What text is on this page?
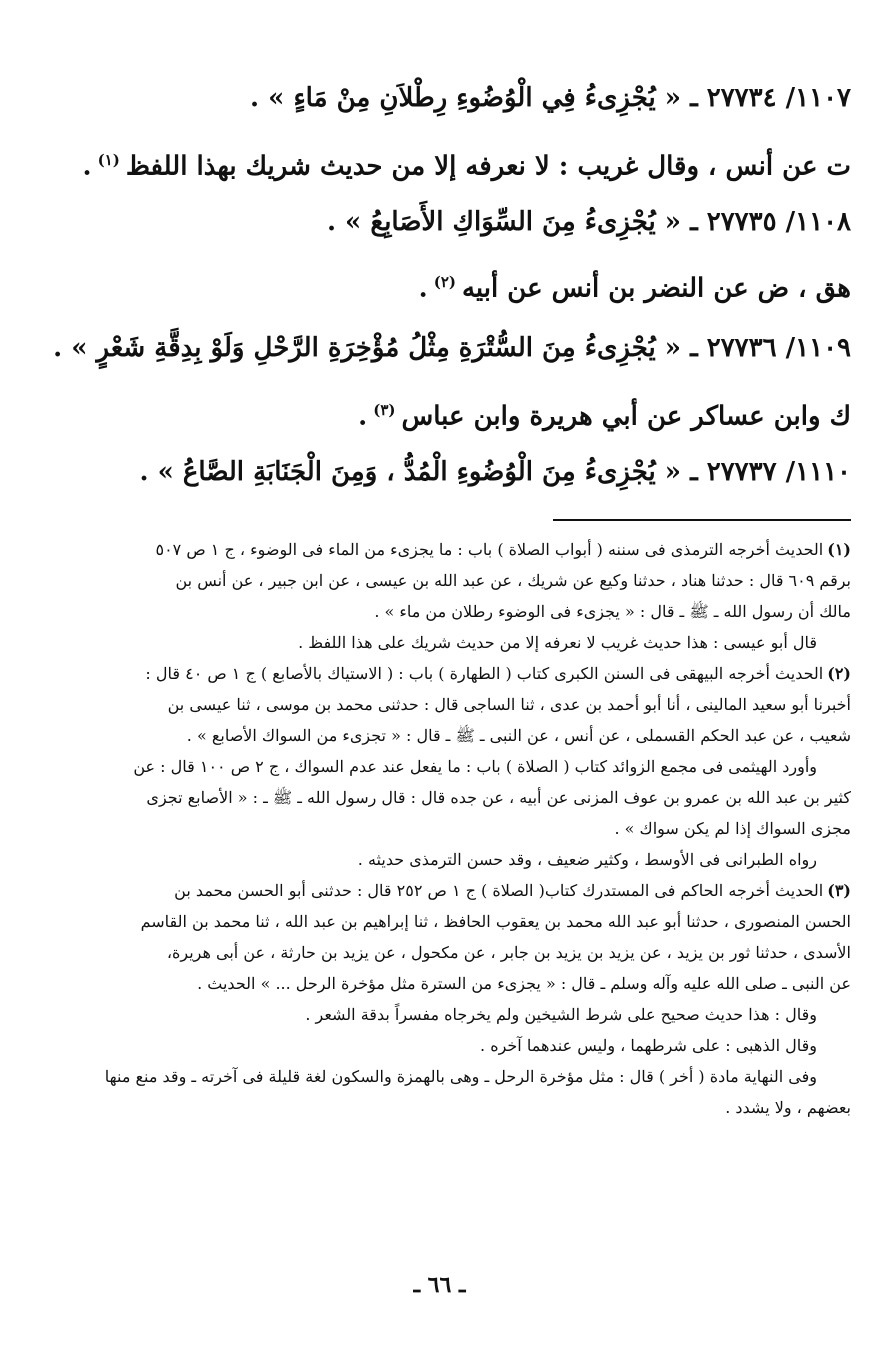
١١٠٧/ ٢٧٧٣٤ ـ « يُجْزِىءُ فِي الْوُضُوءِ رِطْلاَنِ مِنْ مَاءٍ » .
ت عن أنس ، وقال غريب : لا نعرفه إلا من حديث شريك بهذا اللفظ$^{(١)}$.
١١٠٨/ ٢٧٧٣٥ ـ « يُجْزِىءُ مِنَ السِّوَاكِ الأَصَابِعُ » .
هق ، ض عن النضر بن أنس عن أبيه$^{(٢)}$.
١١٠٩/ ٢٧٧٣٦ ـ « يُجْزِىءُ مِنَ السُّتْرَةِ مِثْلُ مُؤْخِرَةِ الرَّحْلِ وَلَوْ بِدِقَّةِ شَعْرٍ » .
ك وابن عساكر عن أبي هريرة وابن عباس$^{(٣)}$.
١١١٠/ ٢٧٧٣٧ ـ « يُجْزِىءُ مِنَ الْوُضُوءِ الْمُدُّ ، وَمِنَ الْجَنَابَةِ الصَّاعُ » .
(١)الحديث أخرجه الترمذى فى سننه ( أبواب الصلاة ) باب : ما يجزىء من الماء فى الوضوء ، ج ١ ص ٥٠٧
برقم ٦٠٩ قال : حدثنا هناد ، حدثنا وكيع عن شريك ، عن عبد الله بن عيسى ، عن ابن جبير ، عن أنس بن
مالك أن رسول الله ـ ﷺ ـ قال : « يجزىء فى الوضوء رطلان من ماء » .
قال أبو عيسى : هذا حديث غريب لا نعرفه إلا من حديث شريك على هذا اللفظ .
(٢)الحديث أخرجه البيهقى فى السنن الكبرى كتاب ( الطهارة ) باب : ( الاستياك بالأصابع ) ج ١ ص ٤٠ قال :
أخبرنا أبو سعيد المالينى ، أنا أبو أحمد بن عدى ، ثنا الساجى قال : حدثنى محمد بن موسى ، ثنا عيسى بن
شعيب ، عن عبد الحكم القسملى ، عن أنس ، عن النبى ـ ﷺ ـ قال : « تجزىء من السواك الأصابع » .
وأورد الهيثمى فى مجمع الزوائد كتاب ( الصلاة ) باب : ما يفعل عند عدم السواك ، ج ٢ ص ١٠٠ قال : عن
كثير بن عبد الله بن عمرو بن عوف المزنى عن أبيه ، عن جده قال : قال رسول الله ـ ﷺ ـ : « الأصابع تجزى
مجزى السواك إذا لم يكن سواك » .
رواه الطبرانى فى الأوسط ، وكثير ضعيف ، وقد حسن الترمذى حديثه .
(٣)الحديث أخرجه الحاكم فى المستدرك كتاب( الصلاة ) ج ١ ص ٢٥٢ قال : حدثنى أبو الحسن محمد بن
الحسن المنصورى ، حدثنا أبو عبد الله محمد بن يعقوب الحافظ ، ثنا إبراهيم بن عبد الله ، ثنا محمد بن القاسم
الأسدى ، حدثنا ثور بن يزيد ، عن يزيد بن يزيد بن جابر ، عن مكحول ، عن يزيد بن حارثة ، عن أبى هريرة،
عن النبى ـ صلى الله عليه وآله وسلم ـ قال : « يجزىء من السترة مثل مؤخرة الرحل ... » الحديث .
وقال : هذا حديث صحيح على شرط الشيخين ولم يخرجاه مفسراً بدقة الشعر .
وقال الذهبى : على شرطهما ، وليس عندهما آخره .
وفى النهاية مادة ( أخر ) قال : مثل مؤخرة الرحل ـ وهى بالهمزة والسكون لغة قليلة فى آخرته ـ وقد منع منها
بعضهم ، ولا يشدد .
ـ ٦٦ ـ
